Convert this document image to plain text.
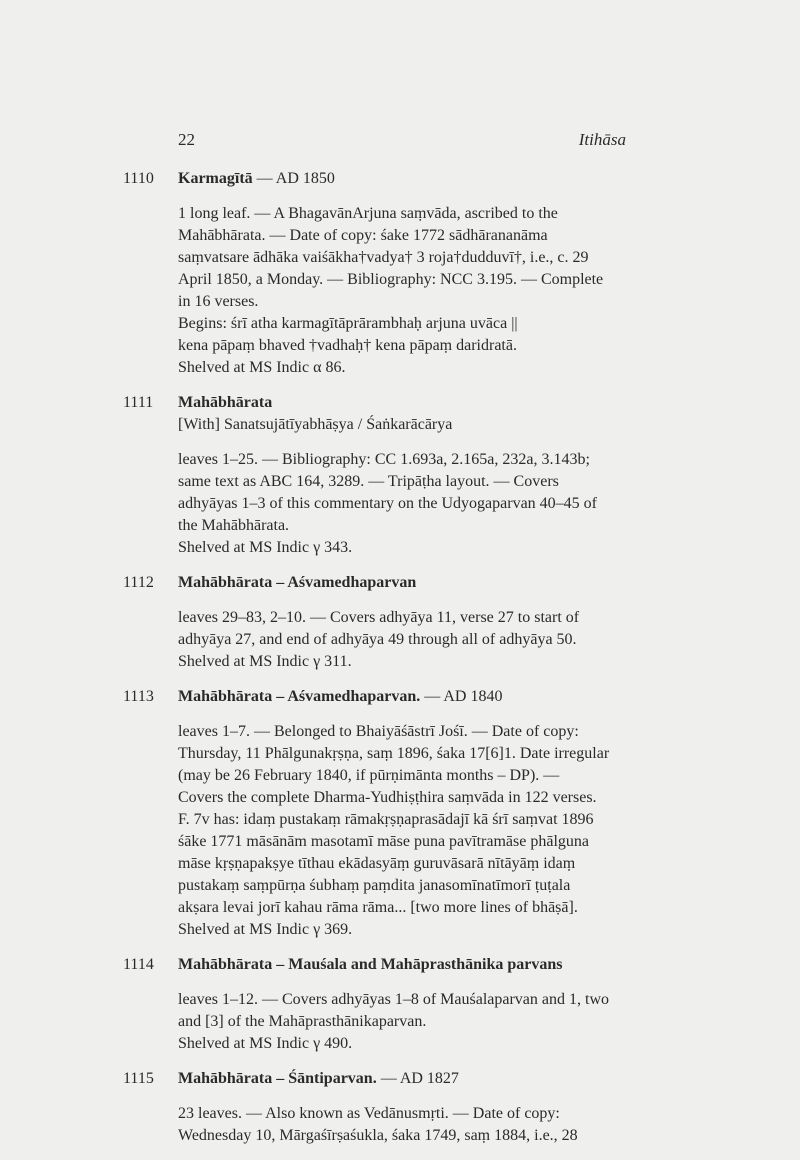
22	Itihāsa
1110 Karmagītā — AD 1850

1 long leaf. — A BhagavānArjuna saṃvāda, ascribed to the

Mahābhārata. — Date of copy: śake 1772 sādhārananāma

saṃvatsare ādhāka vaiśākha†vadya† 3 roja†dudduvī†, i.e., c. 29

April 1850, a Monday. — Bibliography: NCC 3.195. — Complete

in 16 verses.

Begins: śrī atha karmagītāprārambhaḥ arjuna uvāca ||

kena pāpaṃ bhaved †vadhaḥ† kena pāpaṃ daridratā.

Shelved at MS Indic α 86.

1111 Mahābhārata

[With] Sanatsujātīyabhāṣya / Śaṅkarācārya

leaves 1–25. — Bibliography: CC 1.693a, 2.165a, 232a, 3.143b;

same text as ABC 164, 3289. — Tripāṭha layout. — Covers

adhyāyas 1–3 of this commentary on the Udyogaparvan 40–45 of

the Mahābhārata.

Shelved at MS Indic γ 343.

1112 Mahābhārata – Aśvamedhaparvan

leaves 29–83, 2–10. — Covers adhyāya 11, verse 27 to start of

adhyāya 27, and end of adhyāya 49 through all of adhyāya 50.

Shelved at MS Indic γ 311.

1113 Mahābhārata – Aśvamedhaparvan. — AD 1840

leaves 1–7. — Belonged to Bhaiyāśāstrī Jośī. — Date of copy:

Thursday, 11 Phālgunakṛṣṇa, saṃ 1896, śaka 17[6]1. Date irregular

(may be 26 February 1840, if pūrṇimānta months – DP). —

Covers the complete Dharma-Yudhiṣṭhira saṃvāda in 122 verses.

F. 7v has: idaṃ pustakaṃ rāmakṛṣṇaprasādajī kā śrī saṃvat 1896

śāke 1771 māsānām masotamī māse puna pavītramāse phālguna

māse kṛṣṇapakṣye tīthau ekādasyāṃ guruvāsarā nītāyāṃ idaṃ

pustakaṃ saṃpūrṇa śubhaṃ paṃdita janasomīnatīmorī ṭuṭala

akṣara levai jorī kahau rāma rāma... [two more lines of bhāṣā].

Shelved at MS Indic γ 369.

1114 Mahābhārata – Mauśala and Mahāprasthānika parvans

leaves 1–12. — Covers adhyāyas 1–8 of Mauśalaparvan and 1, two

and [3] of the Mahāprasthānikaparvan.

Shelved at MS Indic γ 490.

1115 Mahābhārata – Śāntiparvan. — AD 1827

23 leaves. — Also known as Vedānusmṛti. — Date of copy:

Wednesday 10, Mārgaśīrṣaśukla, śaka 1749, saṃ 1884, i.e., 28
